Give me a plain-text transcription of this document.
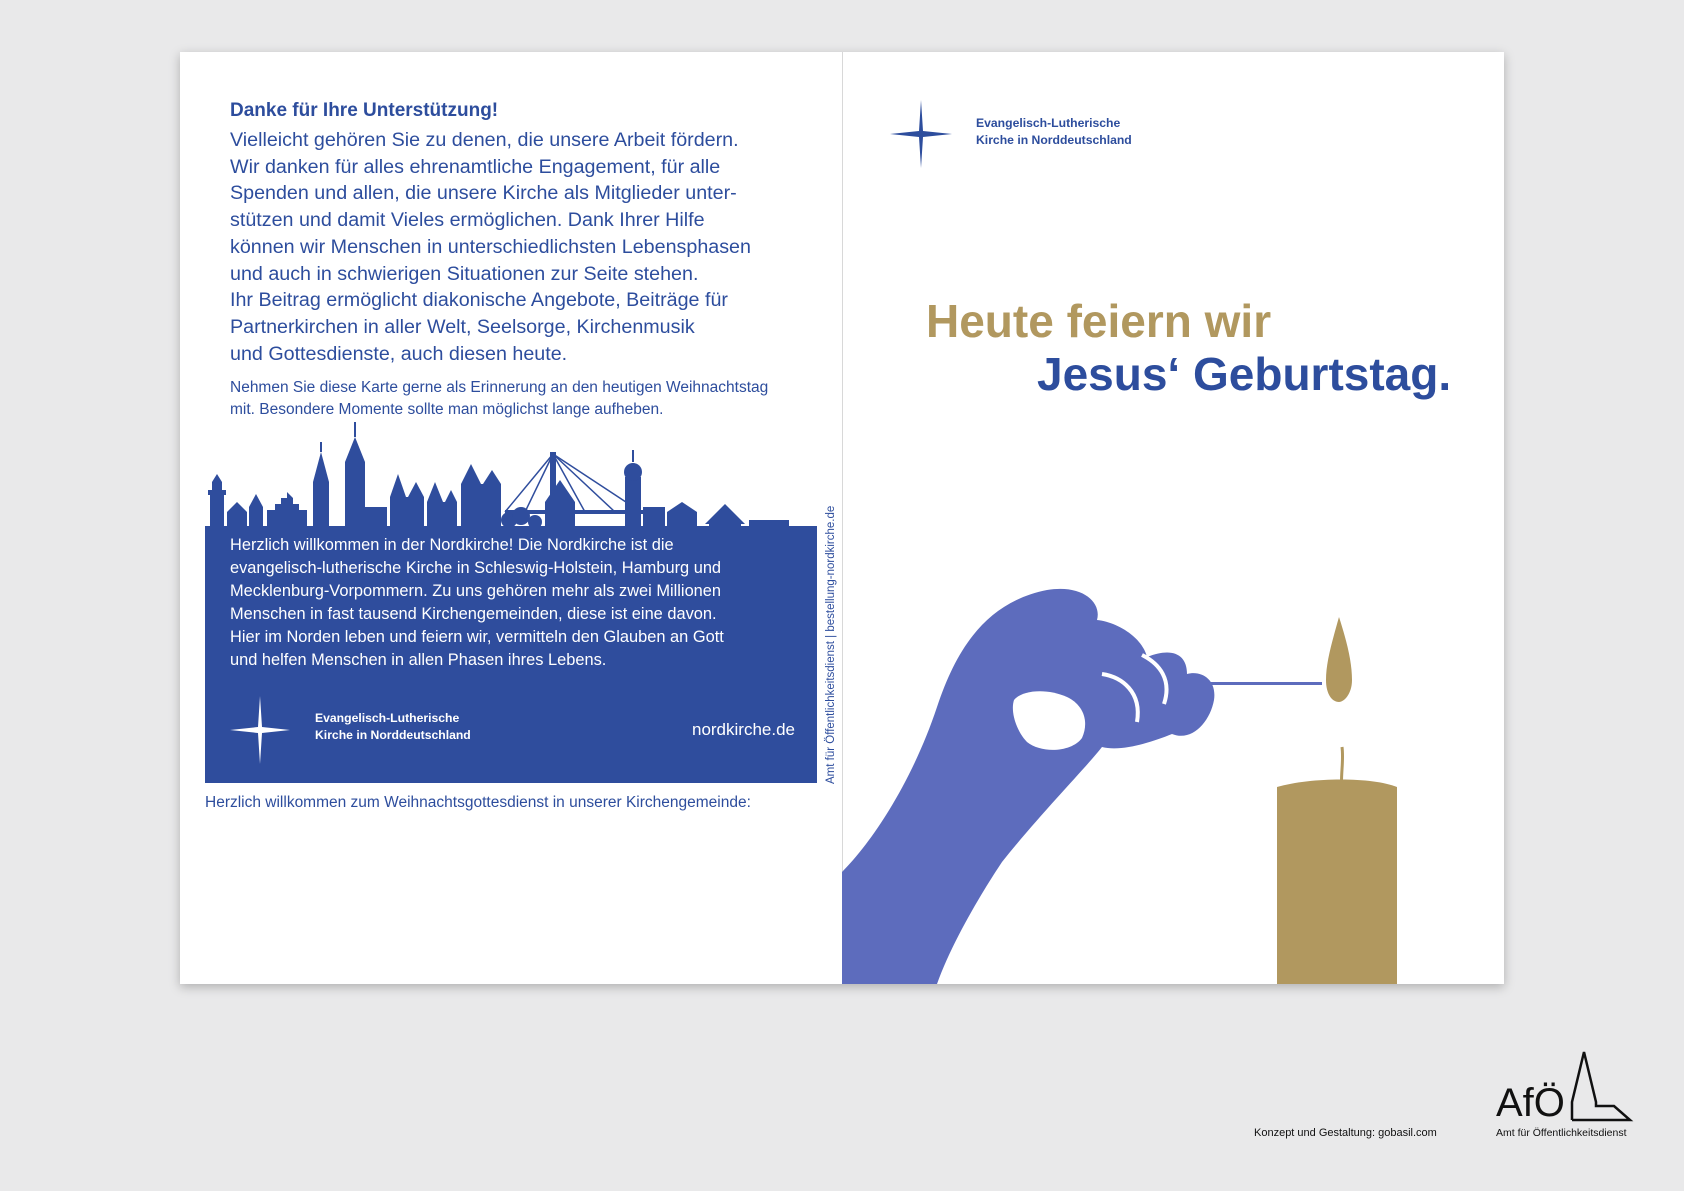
Danke für Ihre Unterstützung!
Vielleicht gehören Sie zu denen, die unsere Arbeit fördern.
Wir danken für alles ehrenamtliche Engagement, für alle
Spenden und allen, die unsere Kirche als Mitglieder unter-
stützen und damit Vieles ermöglichen. Dank Ihrer Hilfe
können wir Menschen in unterschiedlichsten Lebensphasen
und auch in schwierigen Situationen zur Seite stehen.
Ihr Beitrag ermöglicht diakonische Angebote, Beiträge für
Partnerkirchen in aller Welt, Seelsorge, Kirchenmusik
und Gottesdienste, auch diesen heute.
Nehmen Sie diese Karte gerne als Erinnerung an den heutigen Weihnachtstag
mit. Besondere Momente sollte man möglichst lange aufheben.
Herzlich willkommen in der Nordkirche! Die Nordkirche ist die
evangelisch-lutherische Kirche in Schleswig-Holstein, Hamburg und
Mecklenburg-Vorpommern. Zu uns gehören mehr als zwei Millionen
Menschen in fast tausend Kirchengemeinden, diese ist eine davon.
Hier im Norden leben und feiern wir, vermitteln den Glauben an Gott
und helfen Menschen in allen Phasen ihres Lebens.
Evangelisch-Lutherische
Kirche in Norddeutschland	nordkirche.de	Amt für Öffentlichkeitsdienst | bestellung-nordkirche.de
Herzlich willkommen zum Weihnachtsgottesdienst in unserer Kirchengemeinde:
Evangelisch-Lutherische
Kirche in Norddeutschland
Heute feiern wir
Jesus‘ Geburtstag.
Konzept und Gestaltung: gobasil.com
AfÖ
Amt für Öffentlichkeitsdienst
